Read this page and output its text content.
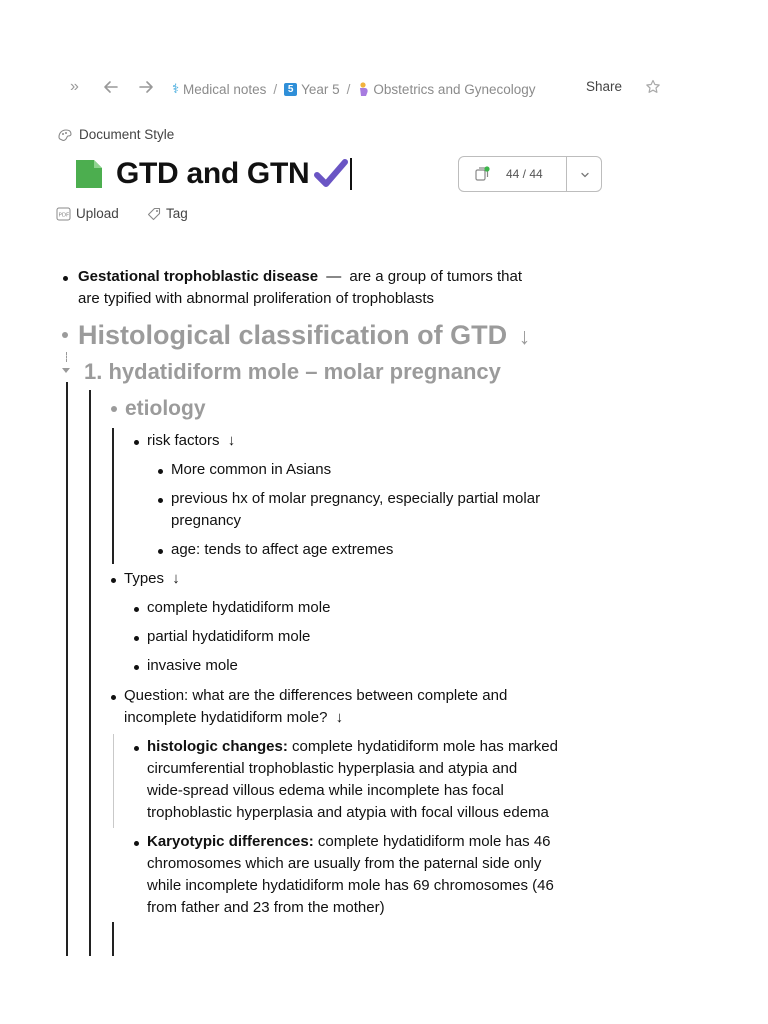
»	⚕ Medical notes /	5 Year 5 / Obstetrics and Gynecology	Share
Document Style
GTD and GTN	44 / 44
PDF Upload	Tag
Gestational trophoblastic disease — are a group of tumors that
are typified with abnormal proliferation of trophoblasts
Histological classification of GTD ↓
1. hydatidiform mole – molar pregnancy
etiology
risk factors ↓
More common in Asians
previous hx of molar pregnancy, especially partial molar
pregnancy
age: tends to affect age extremes
Types ↓
complete hydatidiform mole
partial hydatidiform mole
invasive mole
Question: what are the differences between complete and
incomplete hydatidiform mole? ↓
histologic changes: complete hydatidiform mole has marked
circumferential trophoblastic hyperplasia and atypia and
wide-spread villous edema while incomplete has focal
trophoblastic hyperplasia and atypia with focal villous edema
Karyotypic differences: complete hydatidiform mole has 46
chromosomes which are usually from the paternal side only
while incomplete hydatidiform mole has 69 chromosomes (46
from father and 23 from the mother)
